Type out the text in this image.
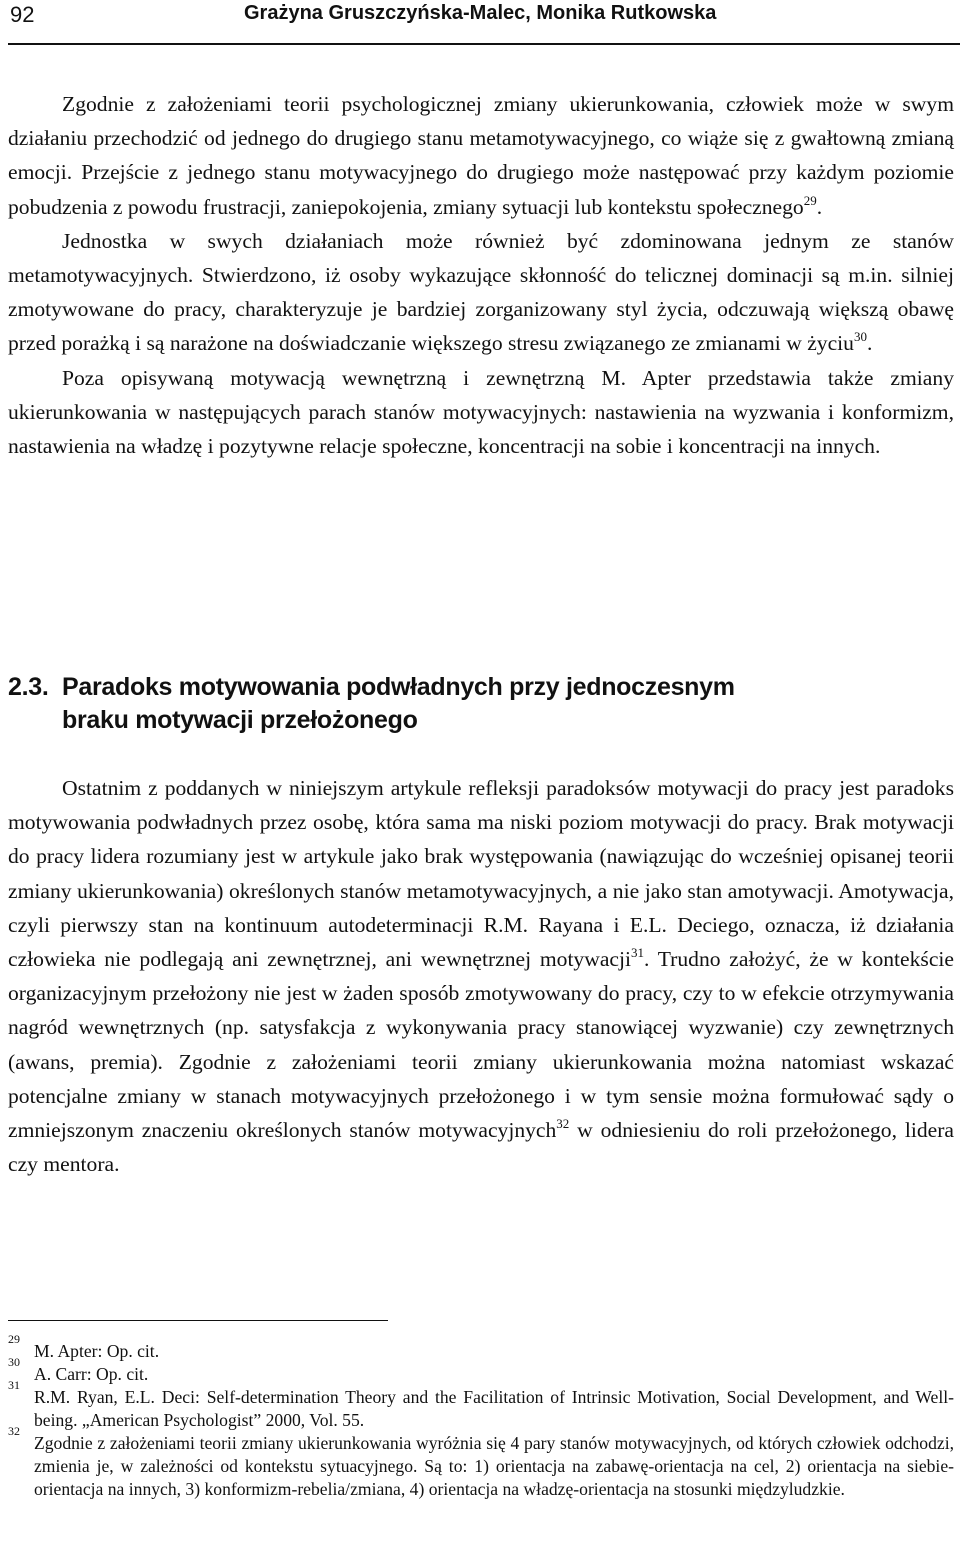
92	Grażyna Gruszczyńska-Malec, Monika Rutkowska

Zgodnie z założeniami teorii psychologicznej zmiany ukierunkowania, człowiek może w swym działaniu przechodzić od jednego do drugiego stanu metamotywacyjnego, co wiąże się z gwałtowną zmianą emocji. Przejście z jednego stanu motywacyjnego do drugiego może następować przy każdym poziomie pobudzenia z powodu frustracji, zaniepokojenia, zmiany sytuacji lub kontekstu społecznego$^{29}$.

Jednostka w swych działaniach może również być zdominowana jednym ze stanów metamotywacyjnych. Stwierdzono, iż osoby wykazujące skłonność do telicznej dominacji są m.in. silniej zmotywowane do pracy, charakteryzuje je bardziej zorganizowany styl życia, odczuwają większą obawę przed porażką i są narażone na doświadczanie większego stresu związanego ze zmianami w życiu$^{30}$.

Poza opisywaną motywacją wewnętrzną i zewnętrzną M. Apter przedstawia także zmiany ukierunkowania w następujących parach stanów motywacyjnych: nastawienia na wyzwania i konformizm, nastawienia na władzę i pozytywne relacje społeczne, koncentracji na sobie i koncentracji na innych.

2.3. Paradoks motywowania podwładnych przy jednoczesnym
braku motywacji przełożonego

Ostatnim z poddanych w niniejszym artykule refleksji paradoksów motywacji do pracy jest paradoks motywowania podwładnych przez osobę, która sama ma niski poziom motywacji do pracy. Brak motywacji do pracy lidera rozumiany jest w artykule jako brak występowania (nawiązując do wcześniej opisanej teorii zmiany ukierunkowania) określonych stanów metamotywacyjnych, a nie jako stan amotywacji. Amotywacja, czyli pierwszy stan na kontinuum autodeterminacji R.M. Rayana i E.L. Deciego, oznacza, iż działania człowieka nie podlegają ani zewnętrznej, ani wewnętrznej motywacji$^{31}$. Trudno założyć, że w kontekście organizacyjnym przełożony nie jest w żaden sposób zmotywowany do pracy, czy to w efekcie otrzymywania nagród wewnętrznych (np. satysfakcja z wykonywania pracy stanowiącej wyzwanie) czy zewnętrznych (awans, premia). Zgodnie z założeniami teorii zmiany ukierunkowania można natomiast wskazać potencjalne zmiany w stanach motywacyjnych przełożonego i w tym sensie można formułować sądy o zmniejszonym znaczeniu określonych stanów motywacyjnych$^{32}$ w odniesieniu do roli przełożonego, lidera czy mentora.

29
M. Apter: Op. cit.
30
A. Carr: Op. cit.
31
R.M. Ryan, E.L. Deci: Self-determination Theory and the Facilitation of Intrinsic Motivation, Social Development, and Well-being. „American Psychologist” 2000, Vol. 55.
32
Zgodnie z założeniami teorii zmiany ukierunkowania wyróżnia się 4 pary stanów motywacyjnych, od których człowiek odchodzi, zmienia je, w zależności od kontekstu sytuacyjnego. Są to: 1) orientacja na zabawę-orientacja na cel, 2) orientacja na siebie-orientacja na innych, 3) konformizm-rebelia/zmiana, 4) orientacja na władzę-orientacja na stosunki międzyludzkie.
